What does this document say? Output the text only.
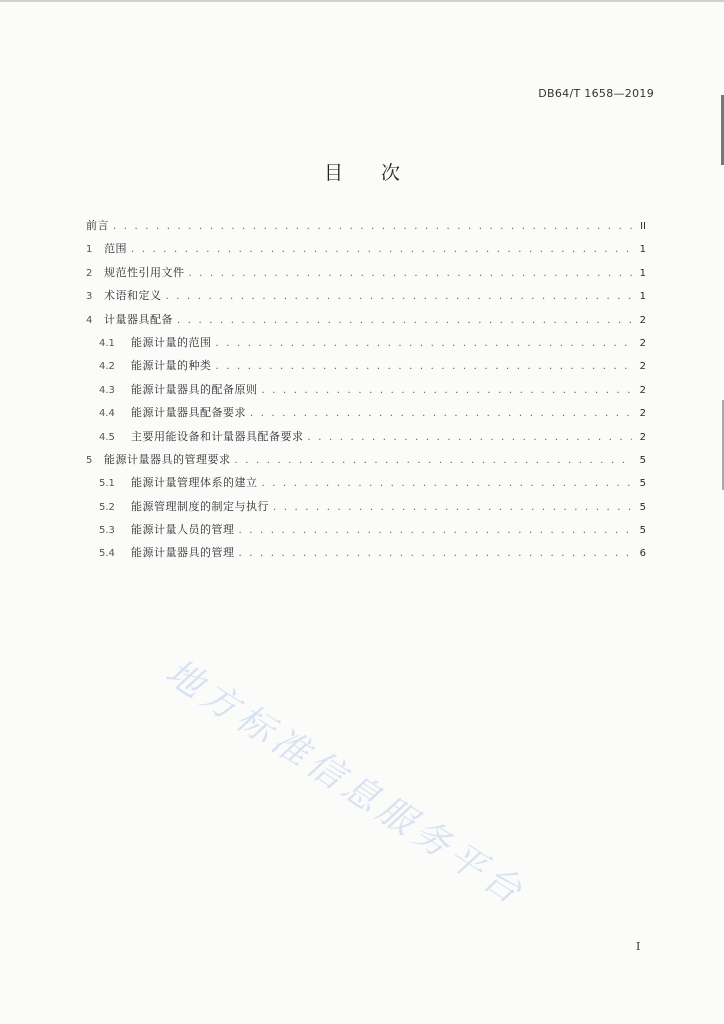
DB64/T 1658—2019
目 次
前言 . . .	II
1	范围 . . .	1
2	规范性引用文件 . . .	1
3	术语和定义 . . .	1
4	计量器具配备 . . .	2
4.1	能源计量的范围 . . .	2
4.2	能源计量的种类 . . .	2
4.3	能源计量器具的配备原则 . . .	2
4.4	能源计量器具配备要求 . . .	2
4.5	主要用能设备和计量器具配备要求 . . .	2
5	能源计量器具的管理要求 . . .	5
5.1	能源计量管理体系的建立 . . .	5
5.2	能源管理制度的制定与执行 . . .	5
5.3	能源计量人员的管理 . . .	5
5.4	能源计量器具的管理 . . .	6
地方标准信息服务平台
I
